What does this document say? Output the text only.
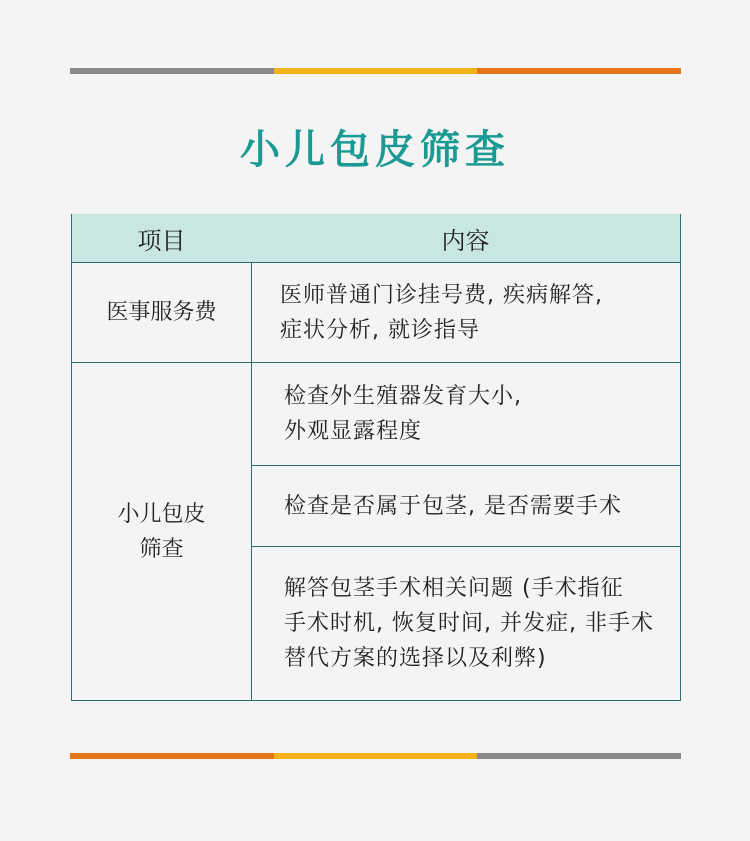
小儿包皮筛查
项目	内容
医事服务费
医师普通门诊挂号费, 疾病解答,
症状分析, 就诊指导
小儿包皮
筛查
检查外生殖器发育大小,
外观显露程度
检查是否属于包茎, 是否需要手术
解答包茎手术相关问题 (手术指征
手术时机, 恢复时间, 并发症, 非手术
替代方案的选择以及利弊)
